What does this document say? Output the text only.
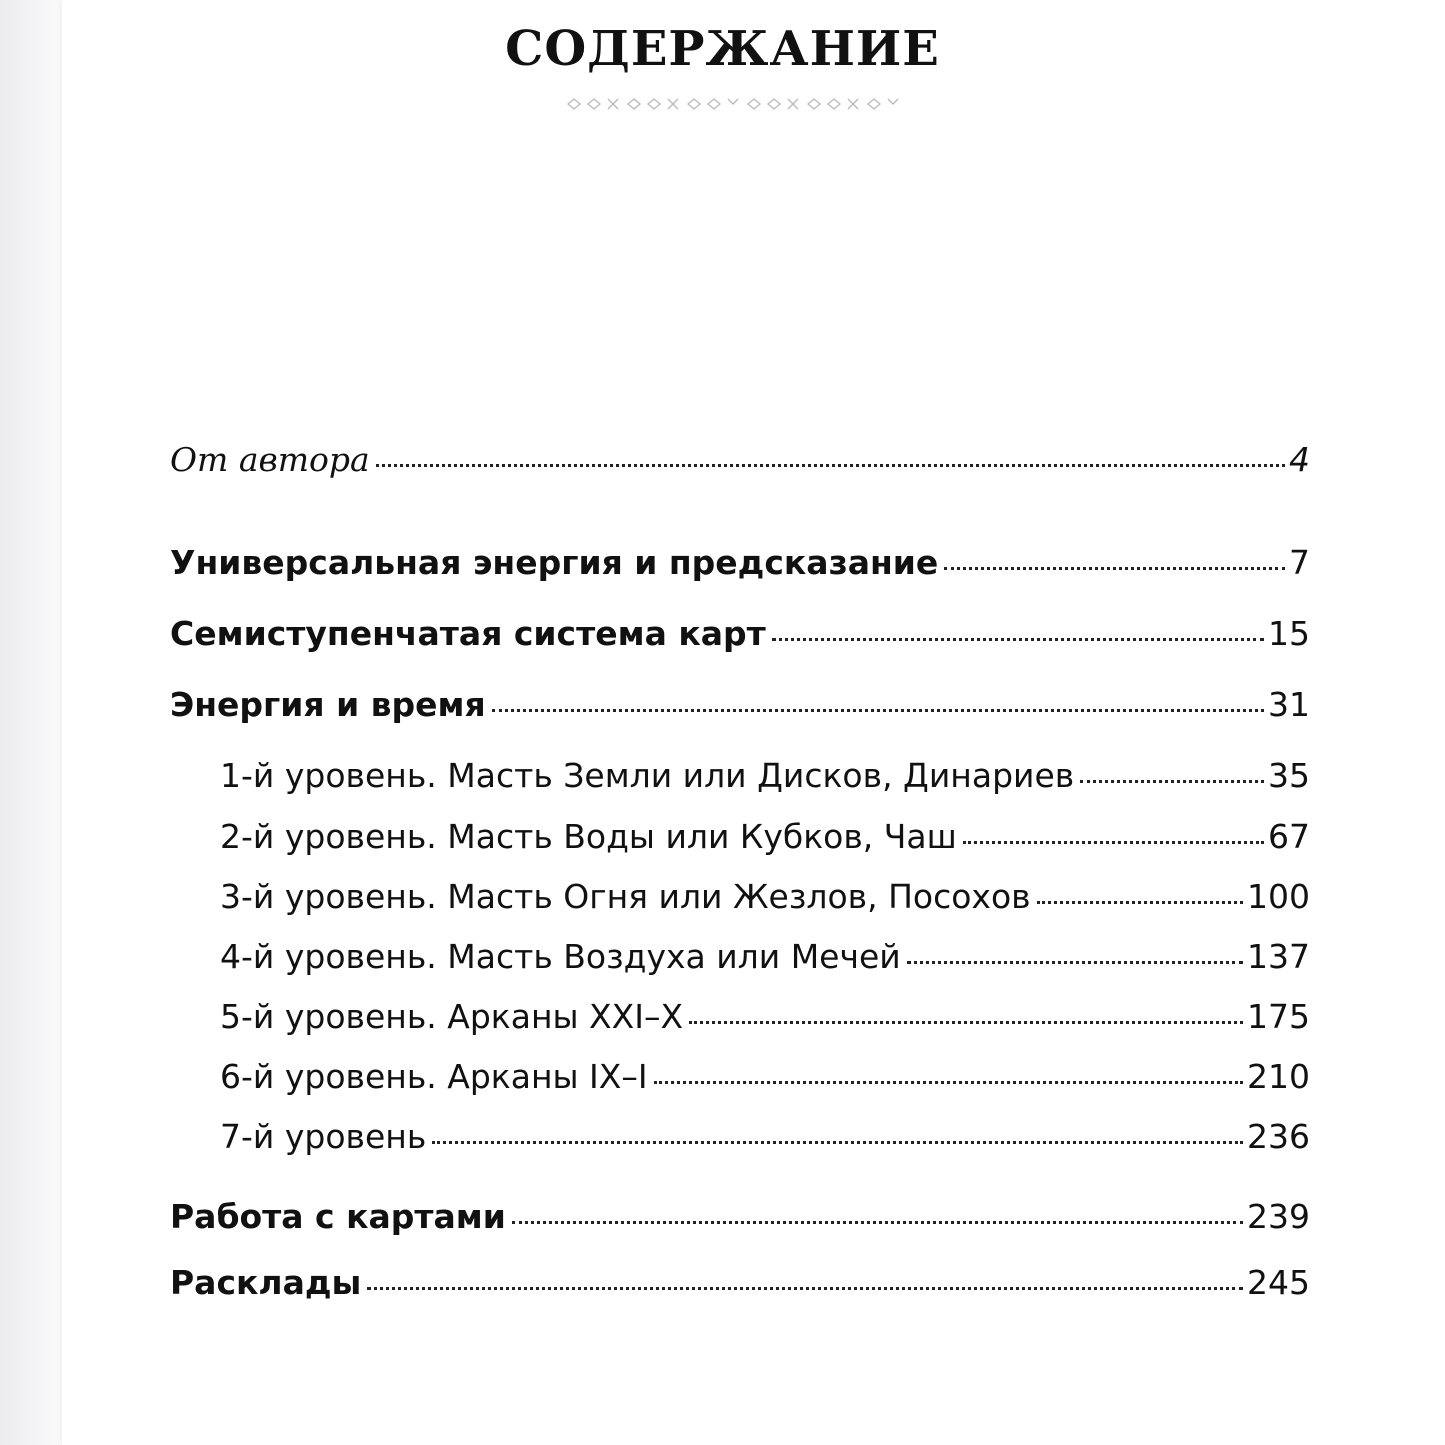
СОДЕРЖАНИЕ
От автора	4
Универсальная энергия и предсказание	7
Семиступенчатая система карт	15
Энергия и время	31
1-й уровень. Масть Земли или Дисков, Динариев	35
2-й уровень. Масть Воды или Кубков, Чаш	67
3-й уровень. Масть Огня или Жезлов, Посохов	100
4-й уровень. Масть Воздуха или Мечей	137
5-й уровень. Арканы XXI–X	175
6-й уровень. Арканы IX–I	210
7-й уровень	236
Работа с картами	239
Расклады	245
